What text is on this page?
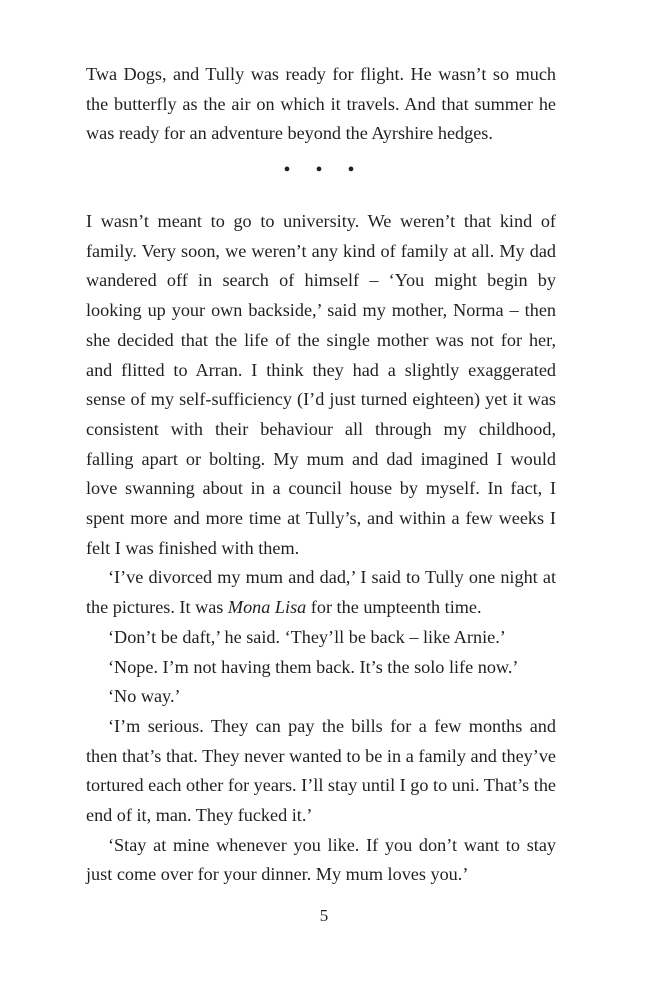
Twa Dogs, and Tully was ready for flight. He wasn’t so much the butterfly as the air on which it travels. And that summer he was ready for an adventure beyond the Ayrshire hedges.

• • •

I wasn’t meant to go to university. We weren’t that kind of family. Very soon, we weren’t any kind of family at all. My dad wandered off in search of himself – ‘You might begin by looking up your own backside,’ said my mother, Norma – then she decided that the life of the single mother was not for her, and flitted to Arran. I think they had a slightly exaggerated sense of my self-sufficiency (I’d just turned eighteen) yet it was consistent with their behaviour all through my childhood, falling apart or bolting. My mum and dad imagined I would love swanning about in a council house by myself. In fact, I spent more and more time at Tully’s, and within a few weeks I felt I was finished with them.

‘I’ve divorced my mum and dad,’ I said to Tully one night at the pictures. It was Mona Lisa for the umpteenth time.

‘Don’t be daft,’ he said. ‘They’ll be back – like Arnie.’

‘Nope. I’m not having them back. It’s the solo life now.’

‘No way.’

‘I’m serious. They can pay the bills for a few months and then that’s that. They never wanted to be in a family and they’ve tortured each other for years. I’ll stay until I go to uni. That’s the end of it, man. They fucked it.’

‘Stay at mine whenever you like. If you don’t want to stay just come over for your dinner. My mum loves you.’

5
